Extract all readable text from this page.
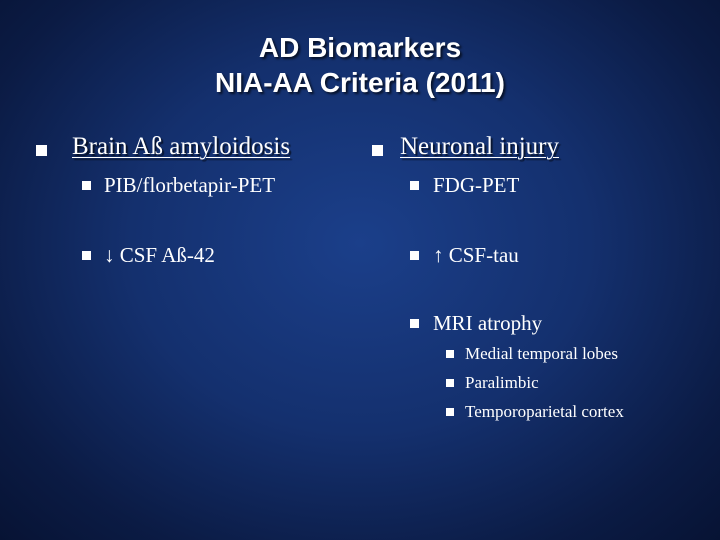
AD Biomarkers
NIA-AA Criteria (2011)
Brain Aß amyloidosis
PIB/florbetapir-PET
↓ CSF Aß-42
Neuronal injury
FDG-PET
↑ CSF-tau
MRI atrophy
Medial temporal lobes
Paralimbic
Temporoparietal cortex
